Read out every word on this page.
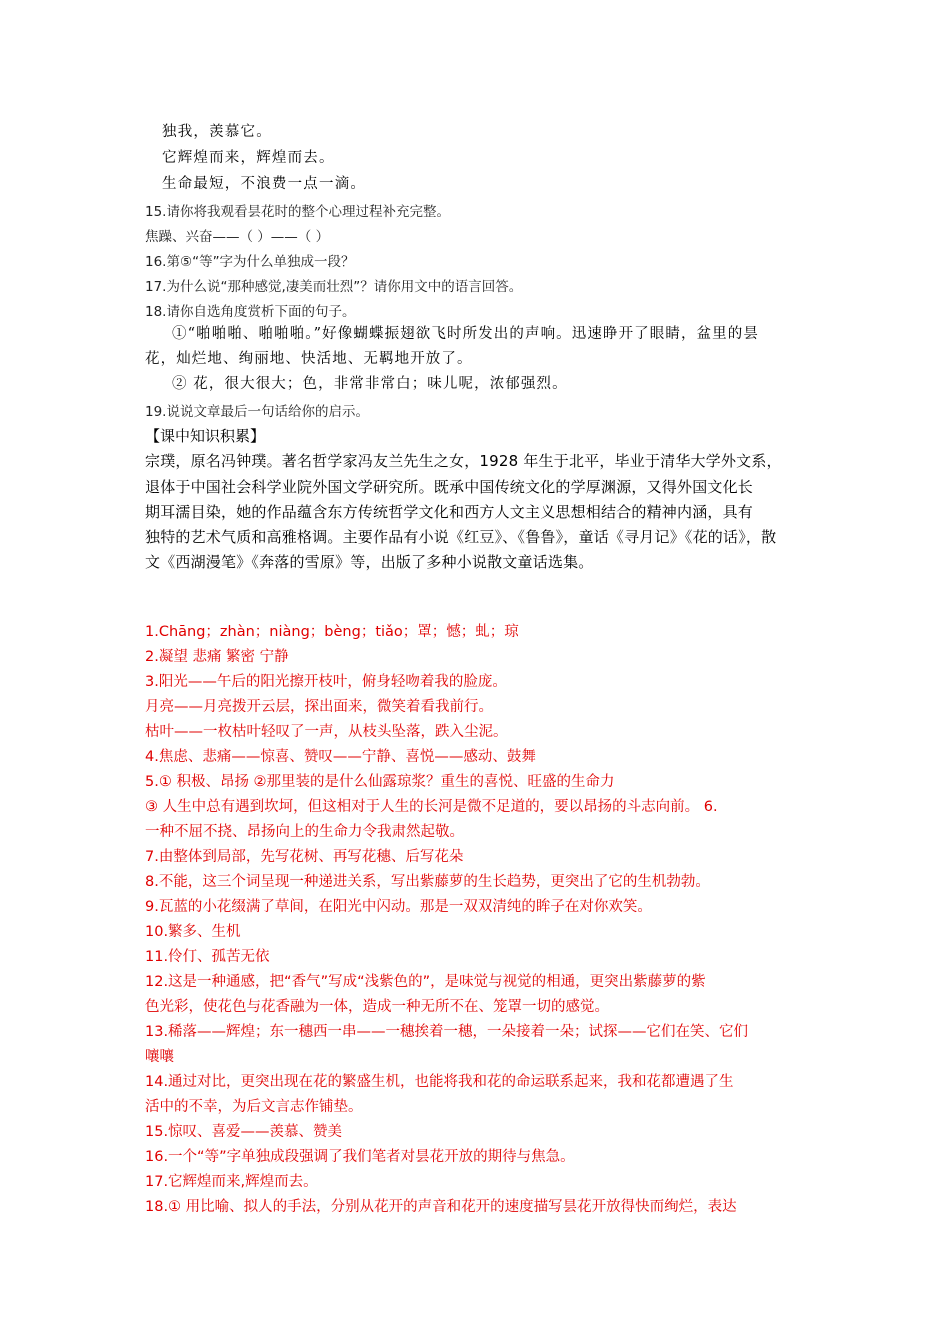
独我，羡慕它。
它辉煌而来，辉煌而去。
生命最短，不浪费一点一滴。
15.请你将我观看昙花时的整个心理过程补充完整。
焦躁、兴奋——（ ）——（ ）
16.第⑤“等”字为什么单独成一段？
17.为什么说“那种感觉,凄美而壮烈”？请你用文中的语言回答。
18.请你自选角度赏析下面的句子。
①“啪啪啪、啪啪啪。”好像蝴蝶振翅欲飞时所发出的声响。迅速睁开了眼睛，盆里的昙
花，灿烂地、绚丽地、快活地、无羁地开放了。
② 花，很大很大；色，非常非常白；味儿呢，浓郁强烈。
19.说说文章最后一句话给你的启示。
【课中知识积累】
宗璞，原名冯钟璞。著名哲学家冯友兰先生之女，1928 年生于北平，毕业于清华大学外文系，
退体于中国社会科学业院外国文学研究所。既承中国传统文化的学厚渊源，又得外国文化长
期耳濡目染，她的作品蕴含东方传统哲学文化和西方人文主义思想相结合的精神内涵，具有
独特的艺术气质和高雅格调。主要作品有小说《红豆》、《鲁鲁》，童话《寻月记》《花的话》，散
文《西湖漫笔》《奔落的雪原》等，出版了多种小说散文童话选集。
1.Chāng；zhàn；niàng；bèng；tiǎo；罩；憾；虬；琼
2.凝望 悲痛 繁密 宁静
3.阳光——午后的阳光擦开枝叶，俯身轻吻着我的脸庞。
月亮——月亮拨开云层，探出面来，微笑着看我前行。
枯叶——一枚枯叶轻叹了一声，从枝头坠落，跌入尘泥。
4.焦虑、悲痛——惊喜、赞叹——宁静、喜悦——感动、鼓舞
5.① 积极、昂扬 ②那里装的是什么仙露琼浆？重生的喜悦、旺盛的生命力
③ 人生中总有遇到坎坷，但这相对于人生的长河是微不足道的，要以昂扬的斗志向前。 6.
一种不屈不挠、昂扬向上的生命力令我肃然起敬。
7.由整体到局部，先写花树、再写花穗、后写花朵
8.不能，这三个词呈现一种递进关系，写出紫藤萝的生长趋势，更突出了它的生机勃勃。
9.瓦蓝的小花缀满了草间，在阳光中闪动。那是一双双清纯的眸子在对你欢笑。
10.繁多、生机
11.伶仃、孤苦无依
12.这是一种通感，把“香气”写成“浅紫色的”，是味觉与视觉的相通，更突出紫藤萝的紫
色光彩，使花色与花香融为一体，造成一种无所不在、笼罩一切的感觉。
13.稀落——辉煌；东一穗西一串——一穗挨着一穗，一朵接着一朵；试探——它们在笑、它们
嚷嚷
14.通过对比，更突出现在花的繁盛生机，也能将我和花的命运联系起来，我和花都遭遇了生
活中的不幸，为后文言志作铺垫。
15.惊叹、喜爱——羡慕、赞美
16.一个“等”字单独成段强调了我们笔者对昙花开放的期待与焦急。
17.它辉煌而来,辉煌而去。
18.① 用比喻、拟人的手法，分别从花开的声音和花开的速度描写昙花开放得快而绚烂，表达
